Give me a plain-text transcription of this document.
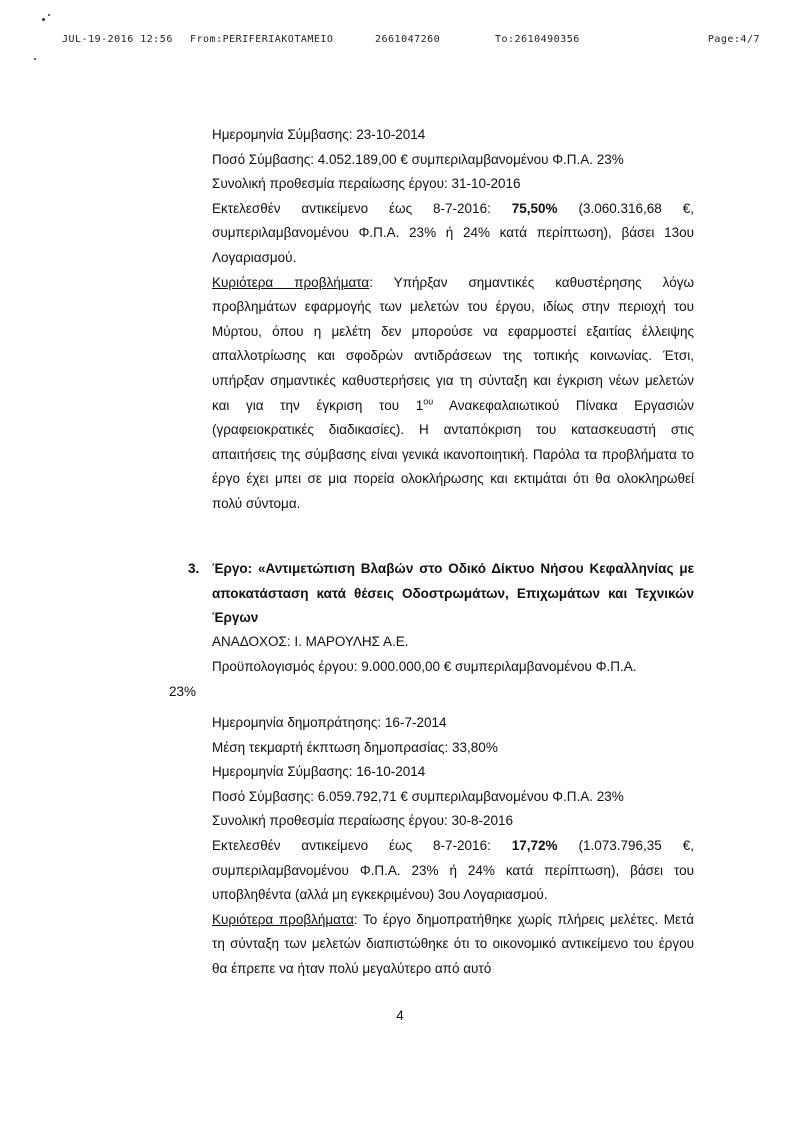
JUL-19-2016 12:56 From:PERIFERIAKOTAMEIO	2661047260	To:2610490356	Page:4/7

Ημερομηνία Σύμβασης: 23-10-2014

Ποσό Σύμβασης: 4.052.189,00 € συμπεριλαμβανομένου Φ.Π.Α. 23%

Συνολική προθεσμία περαίωσης έργου: 31-10-2016

Εκτελεσθέν αντικείμενο έως 8-7-2016: 75,50% (3.060.316,68 €, συμπεριλαμβανομένου Φ.Π.Α. 23% ή 24% κατά περίπτωση), βάσει 13ου Λογαριασμού.

Κυριότερα προβλήματα: Υπήρξαν σημαντικές καθυστέρησης λόγω προβλημάτων εφαρμογής των μελετών του έργου, ιδίως στην περιοχή του Μύρτου, όπου η μελέτη δεν μπορούσε να εφαρμοστεί εξαιτίας έλλειψης απαλλοτρίωσης και σφοδρών αντιδράσεων της τοπικής κοινωνίας. Έτσι, υπήρξαν σημαντικές καθυστερήσεις για τη σύνταξη και έγκριση νέων μελετών και για την έγκριση του $1^{o\upsilon}$ Ανακεφαλαιωτικού Πίνακα Εργασιών (γραφειοκρατικές διαδικασίες). Η ανταπόκριση του κατασκευαστή στις απαιτήσεις της σύμβασης είναι γενικά ικανοποιητική. Παρόλα τα προβλήματα το έργο έχει μπει σε μια πορεία ολοκλήρωσης και εκτιμάται ότι θα ολοκληρωθεί πολύ σύντομα.

3. Έργο: «Αντιμετώπιση Βλαβών στο Οδικό Δίκτυο Νήσου Κεφαλληνίας με αποκατάσταση κατά θέσεις Οδοστρωμάτων, Επιχωμάτων και Τεχνικών Έργων

ΑΝΑΔΟΧΟΣ: Ι. ΜΑΡΟΥΛΗΣ Α.Ε.

Προϋπολογισμός έργου: 9.000.000,00 € συμπεριλαμβανομένου Φ.Π.Α.

23%

Ημερομηνία δημοπράτησης: 16-7-2014

Μέση τεκμαρτή έκπτωση δημοπρασίας: 33,80%

Ημερομηνία Σύμβασης: 16-10-2014

Ποσό Σύμβασης: 6.059.792,71 € συμπεριλαμβανομένου Φ.Π.Α. 23%

Συνολική προθεσμία περαίωσης έργου: 30-8-2016

Εκτελεσθέν αντικείμενο έως 8-7-2016: 17,72% (1.073.796,35 €, συμπεριλαμβανομένου Φ.Π.Α. 23% ή 24% κατά περίπτωση), βάσει του υποβληθέντα (αλλά μη εγκεκριμένου) 3ου Λογαριασμού.

Κυριότερα προβλήματα: Το έργο δημοπρατήθηκε χωρίς πλήρεις μελέτες. Μετά τη σύνταξη των μελετών διαπιστώθηκε ότι το οικονομικό αντικείμενο του έργου θα έπρεπε να ήταν πολύ μεγαλύτερο από αυτό

4
